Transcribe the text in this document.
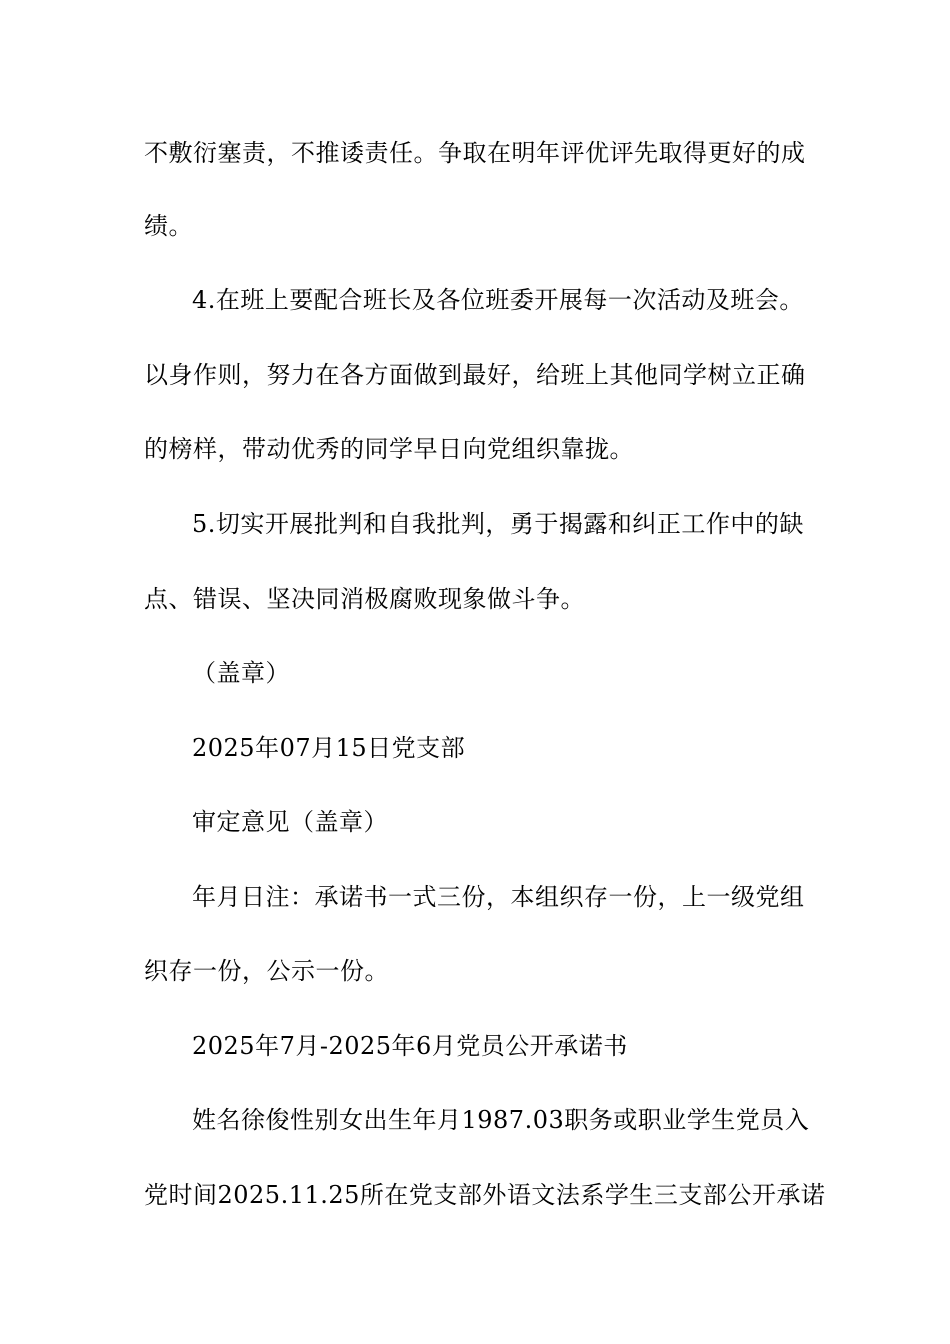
不敷衍塞责，不推诿责任。争取在明年评优评先取得更好的成
绩。
4.在班上要配合班长及各位班委开展每一次活动及班会。
以身作则，努力在各方面做到最好，给班上其他同学树立正确
的榜样，带动优秀的同学早日向党组织靠拢。
5.切实开展批判和自我批判，勇于揭露和纠正工作中的缺
点、错误、坚决同消极腐败现象做斗争。
（盖章）
2025年07月15日党支部
审定意见（盖章）
年月日注：承诺书一式三份，本组织存一份，上一级党组
织存一份，公示一份。
2025年7月-2025年6月党员公开承诺书
姓名徐俊性别女出生年月1987.03职务或职业学生党员入
党时间2025.11.25所在党支部外语文法系学生三支部公开承诺
